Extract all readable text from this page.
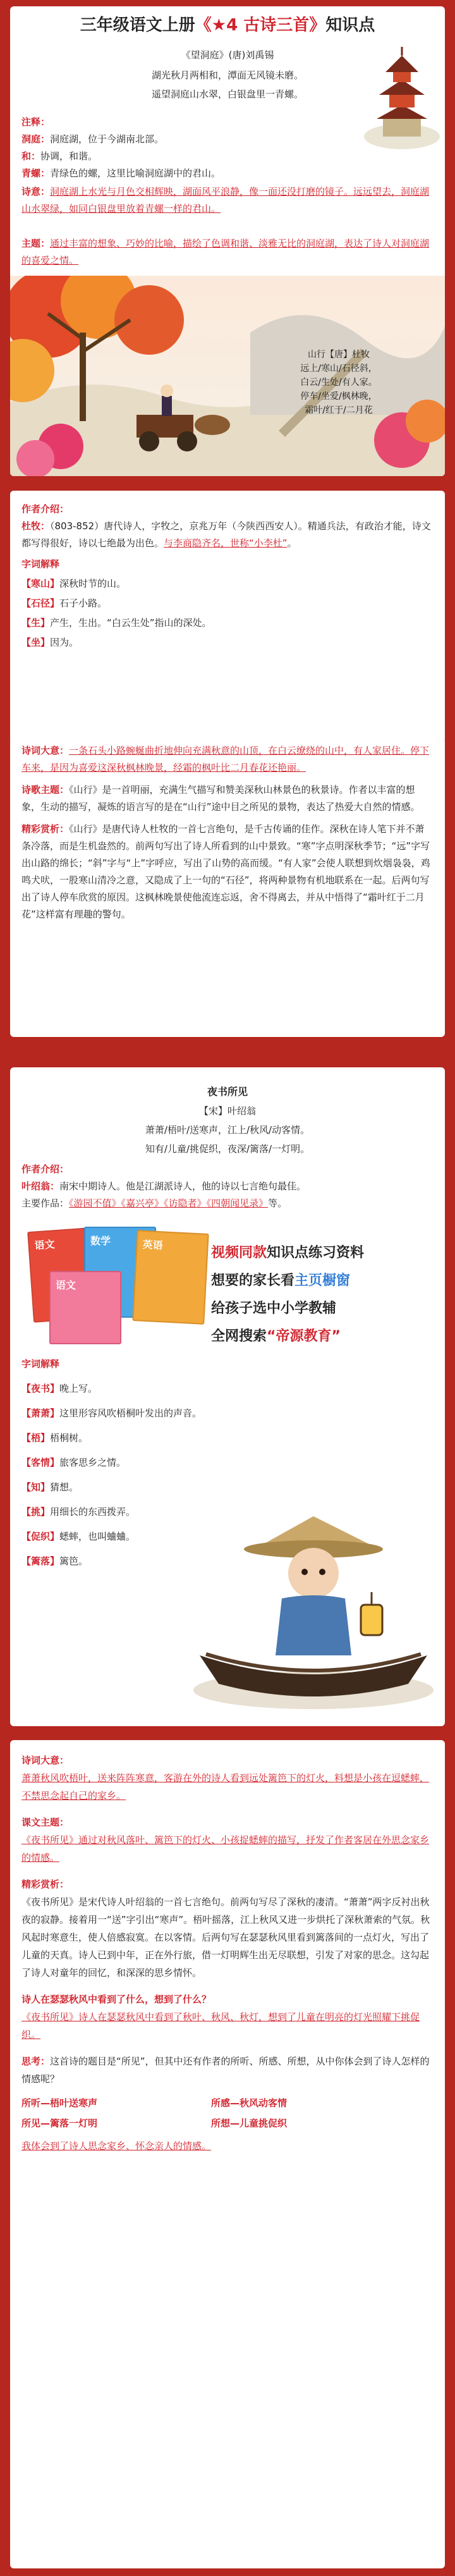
三年级语文上册《★4 古诗三首》知识点
《望洞庭》(唐)刘禹锡
湖光秋月两相和，潭面无风镜未磨。
遥望洞庭山水翠，白银盘里一青螺。
注释：
洞庭：洞庭湖，位于今湖南北部。
和：协调，和谐。
青螺：青绿色的螺，这里比喻洞庭湖中的君山。
诗意：洞庭湖上水光与月色交相辉映，湖面风平浪静，像一面还没打磨的镜子。远远望去，洞庭湖山水翠绿，如同白银盘里放着青螺一样的君山。
主题：通过丰富的想象、巧妙的比喻，描绘了色调和谐、淡雅无比的洞庭湖，表达了诗人对洞庭湖的喜爱之情。
山行【唐】杜牧
远上/寒山/石径斜，
白云/生处/有人家。
停车/坐爱/枫林晚，
霜叶/红于/二月花
作者介绍：
杜牧：（803-852）唐代诗人，字牧之，京兆万年（今陕西西安人）。精通兵法，有政治才能，诗文都写得很好，诗以七绝最为出色。与李商隐齐名，世称“小李杜”。
字词解释
【寒山】深秋时节的山。
【石径】石子小路。
【生】产生，生出。“白云生处”指山的深处。
【坐】因为。
诗词大意：一条石头小路蜿蜒曲折地伸向充满秋意的山顶，在白云缭绕的山中，有人家居住。停下车来，是因为喜爱这深秋枫林晚景，经霜的枫叶比二月春花还艳丽。
诗歌主题：《山行》是一首明丽，充满生气描写和赞美深秋山林景色的秋景诗。作者以丰富的想象，生动的描写，凝炼的语言写的是在“山行”途中目之所见的景物，表达了热爱大自然的情感。
精彩赏析：《山行》是唐代诗人杜牧的一首七言绝句，是千古传诵的佳作。深秋在诗人笔下并不萧条冷落，而是生机盎然的。前两句写出了诗人所看到的山中景致。“寒”字点明深秋季节；“远”字写出山路的绵长；“斜”字与“上”字呼应，写出了山势的高而缓。“有人家”会使人联想到炊烟袅袅，鸡鸣犬吠，一股寒山清冷之意，又隐成了上一句的“石径”，将两种景物有机地联系在一起。后两句写出了诗人停车欣赏的原因。这枫林晚景使他流连忘返，舍不得离去，并从中悟得了“霜叶红于二月花”这样富有理趣的警句。
夜书所见
【宋】叶绍翁
萧萧/梧叶/送寒声，江上/秋风/动客情。
知有/儿童/挑促织，夜深/篱落/一灯明。
作者介绍：
叶绍翁：南宋中期诗人。他是江湖派诗人，他的诗以七言绝句最佳。
主要作品：《游园不值》《嘉兴亭》《访隐者》《四朝闻见录》等。
语文	数学	英语
语文
视频同款知识点练习资料
想要的家长看主页橱窗
给孩子选中小学教辅
全网搜索“帝源教育”
字词解释
【夜书】晚上写。
【萧萧】这里形容风吹梧桐叶发出的声音。
【梧】梧桐树。
【客情】旅客思乡之情。
【知】猜想。
【挑】用细长的东西拨弄。
【促织】蟋蟀，也叫蛐蛐。
【篱落】篱笆。
诗词大意：
萧萧秋风吹梧叶，送来阵阵寒意，客游在外的诗人看到远处篱笆下的灯火，料想是小孩在逗蟋蟀，不禁思念起自己的家乡。
课文主题：
《夜书所见》通过对秋风落叶、篱笆下的灯火、小孩捉蟋蟀的描写，抒发了作者客居在外思念家乡的情感。
精彩赏析：
《夜书所见》是宋代诗人叶绍翁的一首七言绝句。前两句写尽了深秋的凄清。“萧萧”两字反衬出秋夜的寂静。接着用一“送”字引出“寒声”。梧叶摇落，江上秋风又进一步烘托了深秋萧索的气氛。秋风起时寒意生，使人倍感寂寞。在以客情。后两句写在瑟瑟秋风里看到篱落间的一点灯火，写出了儿童的天真。诗人已到中年，正在外行旅，借一灯明辉生出无尽联想，引发了对家的思念。这勾起了诗人对童年的回忆，和深深的思乡情怀。
诗人在瑟瑟秋风中看到了什么，想到了什么？
《夜书所见》诗人在瑟瑟秋风中看到了秋叶、秋风、秋灯，想到了儿童在明亮的灯光照耀下挑促织。
思考：这首诗的题目是“所见”，但其中还有作者的所听、所感、所想，从中你体会到了诗人怎样的情感呢？
所听—梧叶送寒声	所感—秋风动客情
所见—篱落一灯明	所想—儿童挑促织
我体会到了诗人思念家乡、怀念亲人的情感。
